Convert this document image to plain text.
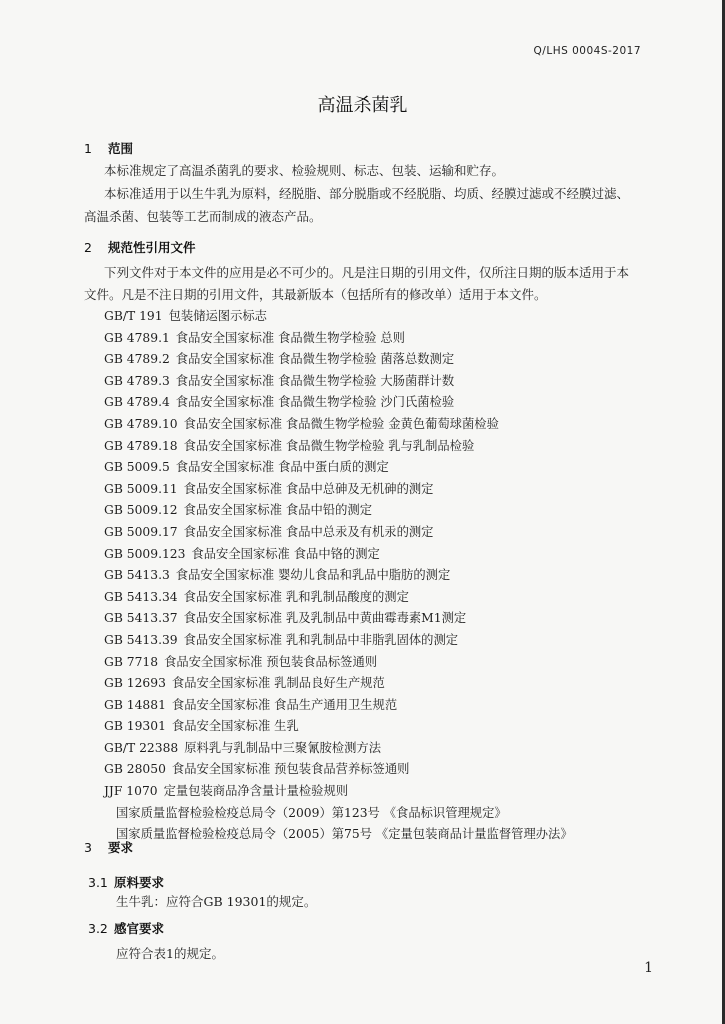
Q/LHS 0004S-2017
高温杀菌乳
1 范围
本标准规定了高温杀菌乳的要求、检验规则、标志、包装、运输和贮存。
本标准适用于以生牛乳为原料，经脱脂、部分脱脂或不经脱脂、均质、经膜过滤或不经膜过滤、
高温杀菌、包装等工艺而制成的液态产品。
2 规范性引用文件
下列文件对于本文件的应用是必不可少的。凡是注日期的引用文件，仅所注日期的版本适用于本
文件。凡是不注日期的引用文件，其最新版本（包括所有的修改单）适用于本文件。
GB/T 191 包装储运图示标志
GB 4789.1 食品安全国家标准 食品微生物学检验 总则
GB 4789.2 食品安全国家标准 食品微生物学检验 菌落总数测定
GB 4789.3 食品安全国家标准 食品微生物学检验 大肠菌群计数
GB 4789.4 食品安全国家标准 食品微生物学检验 沙门氏菌检验
GB 4789.10 食品安全国家标准 食品微生物学检验 金黄色葡萄球菌检验
GB 4789.18 食品安全国家标准 食品微生物学检验 乳与乳制品检验
GB 5009.5 食品安全国家标准 食品中蛋白质的测定
GB 5009.11 食品安全国家标准 食品中总砷及无机砷的测定
GB 5009.12 食品安全国家标准 食品中铅的测定
GB 5009.17 食品安全国家标准 食品中总汞及有机汞的测定
GB 5009.123 食品安全国家标准 食品中铬的测定
GB 5413.3 食品安全国家标准 婴幼儿食品和乳品中脂肪的测定
GB 5413.34 食品安全国家标准 乳和乳制品酸度的测定
GB 5413.37 食品安全国家标准 乳及乳制品中黄曲霉毒素M1测定
GB 5413.39 食品安全国家标准 乳和乳制品中非脂乳固体的测定
GB 7718 食品安全国家标准 预包装食品标签通则
GB 12693 食品安全国家标准 乳制品良好生产规范
GB 14881 食品安全国家标准 食品生产通用卫生规范
GB 19301 食品安全国家标准 生乳
GB/T 22388 原料乳与乳制品中三聚氰胺检测方法
GB 28050 食品安全国家标准 预包装食品营养标签通则
JJF 1070 定量包装商品净含量计量检验规则
国家质量监督检验检疫总局令（2009）第123号 《食品标识管理规定》
国家质量监督检验检疫总局令（2005）第75号 《定量包装商品计量监督管理办法》
3 要求
3.1 原料要求
生牛乳：应符合GB 19301的规定。
3.2 感官要求
应符合表1的规定。
1
